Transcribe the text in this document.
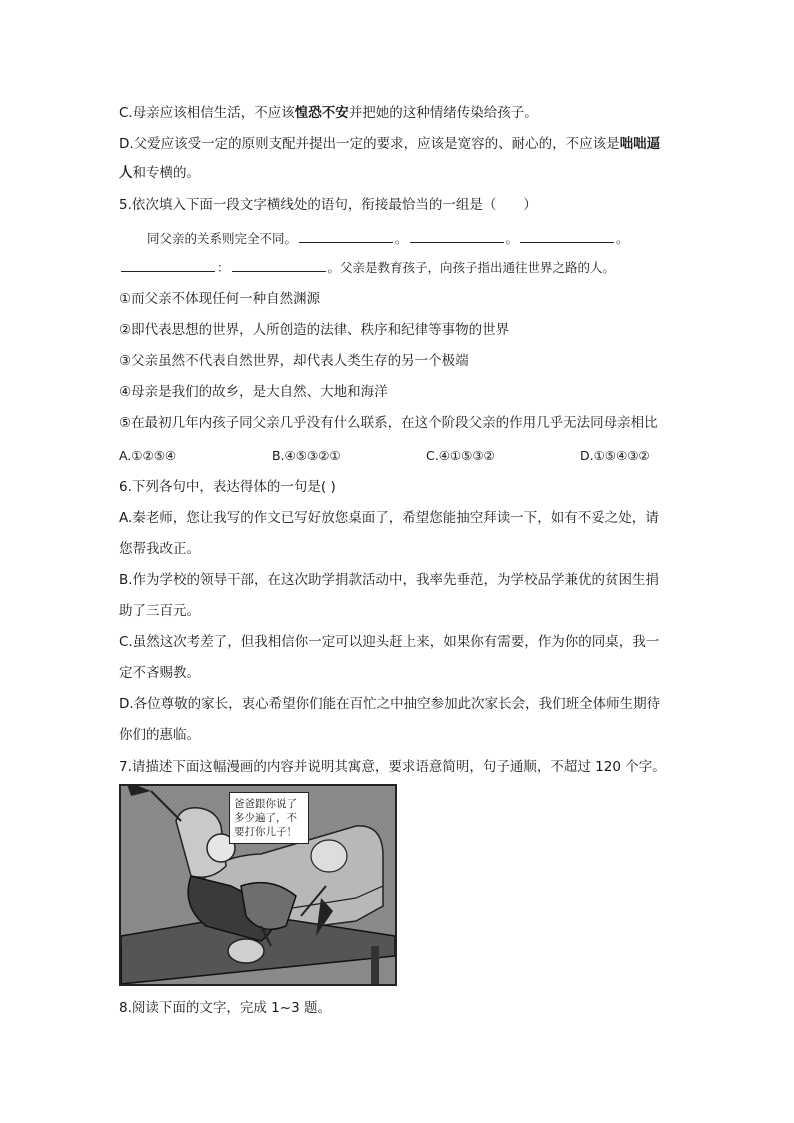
C.母亲应该相信生活，不应该惶恐不安并把她的这种情绪传染给孩子。
D.父爱应该受一定的原则支配并提出一定的要求，应该是宽容的、耐心的，不应该是咄咄逼
人和专横的。
5.依次填入下面一段文字横线处的语句，衔接最恰当的一组是（　　）
同父亲的关系则完全不同。	。	。	。
：	。父亲是教育孩子，向孩子指出通往世界之路的人。
①而父亲不体现任何一种自然渊源
②即代表思想的世界，人所创造的法律、秩序和纪律等事物的世界
③父亲虽然不代表自然世界，却代表人类生存的另一个极端
④母亲是我们的故乡，是大自然、大地和海洋
⑤在最初几年内孩子同父亲几乎没有什么联系，在这个阶段父亲的作用几乎无法同母亲相比
A.①②⑤④	B.④⑤③②①	C.④①⑤③②	D.①⑤④③②
6.下列各句中，表达得体的一句是( )
A.秦老师，您让我写的作文已写好放您桌面了，希望您能抽空拜读一下，如有不妥之处，请
您帮我改正。
B.作为学校的领导干部，在这次助学捐款活动中，我率先垂范，为学校品学兼优的贫困生捐
助了三百元。
C.虽然这次考差了，但我相信你一定可以迎头赶上来，如果你有需要，作为你的同桌，我一
定不吝赐教。
D.各位尊敬的家长，衷心希望你们能在百忙之中抽空参加此次家长会，我们班全体师生期待
你们的惠临。
7.请描述下面这幅漫画的内容并说明其寓意，要求语意简明，句子通顺，不超过 120 个字。
爸爸跟你说了多少遍了，不要打你儿子！
8.阅读下面的文字，完成 1~3 题。
